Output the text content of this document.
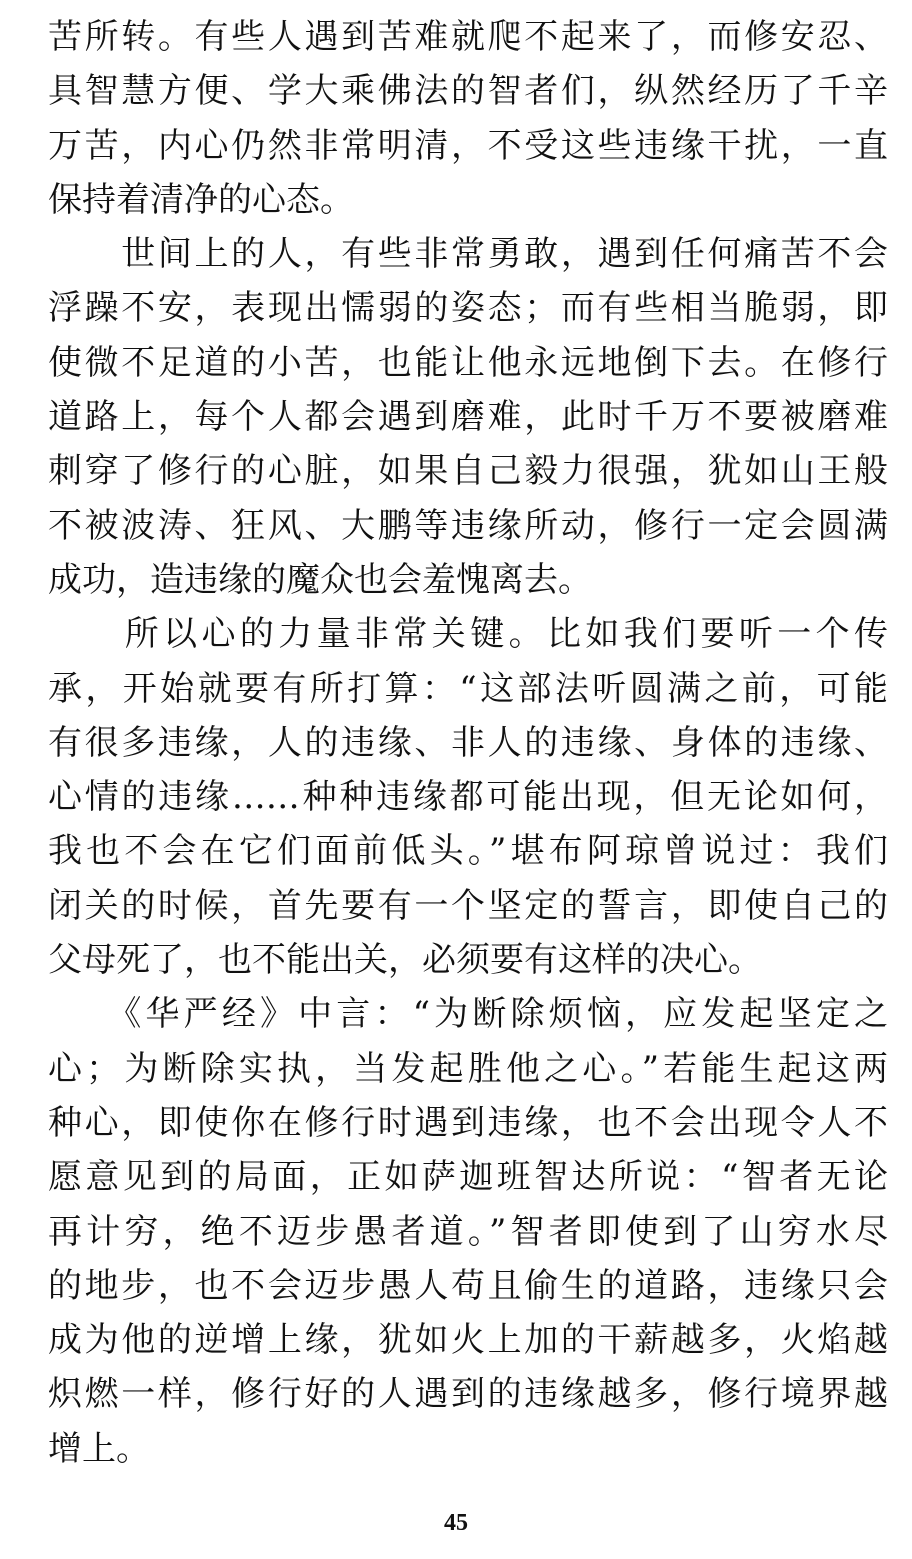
苦所转。有些人遇到苦难就爬不起来了，而修安忍、
具智慧方便、学大乘佛法的智者们，纵然经历了千辛
万苦，内心仍然非常明清，不受这些违缘干扰，一直
保持着清净的心态。
　　世间上的人，有些非常勇敢，遇到任何痛苦不会
浮躁不安，表现出懦弱的姿态；而有些相当脆弱，即
使微不足道的小苦，也能让他永远地倒下去。在修行
道路上，每个人都会遇到磨难，此时千万不要被磨难
刺穿了修行的心脏，如果自己毅力很强，犹如山王般
不被波涛、狂风、大鹏等违缘所动，修行一定会圆满
成功，造违缘的魔众也会羞愧离去。
　　所以心的力量非常关键。比如我们要听一个传
承，开始就要有所打算：“这部法听圆满之前，可能
有很多违缘，人的违缘、非人的违缘、身体的违缘、
心情的违缘……种种违缘都可能出现，但无论如何，
我也不会在它们面前低头。”堪布阿琼曾说过：我们
闭关的时候，首先要有一个坚定的誓言，即使自己的
父母死了，也不能出关，必须要有这样的决心。
　　《华严经》中言：“为断除烦恼，应发起坚定之
心；为断除实执，当发起胜他之心。”若能生起这两
种心，即使你在修行时遇到违缘，也不会出现令人不
愿意见到的局面，正如萨迦班智达所说：“智者无论
再计穷，绝不迈步愚者道。”智者即使到了山穷水尽
的地步，也不会迈步愚人苟且偷生的道路，违缘只会
成为他的逆增上缘，犹如火上加的干薪越多，火焰越
炽燃一样，修行好的人遇到的违缘越多，修行境界越
增上。
45
